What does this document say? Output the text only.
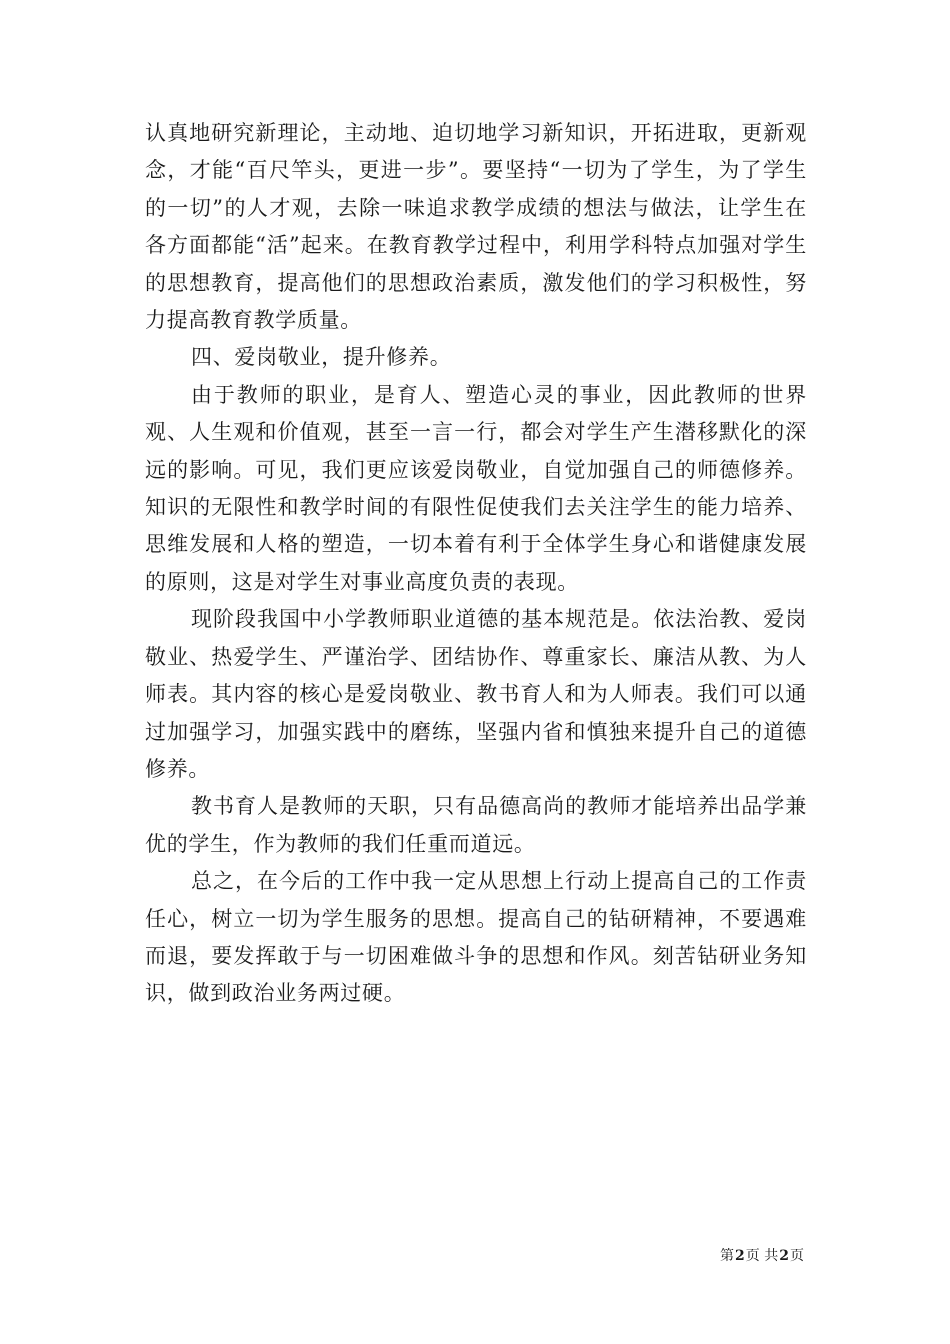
认真地研究新理论，主动地、迫切地学习新知识，开拓进取，更新观念，才能“百尺竿头，更进一步”。要坚持“一切为了学生，为了学生的一切”的人才观，去除一味追求教学成绩的想法与做法，让学生在各方面都能“活”起来。在教育教学过程中，利用学科特点加强对学生的思想教育，提高他们的思想政治素质，激发他们的学习积极性，努力提高教育教学质量。

四、爱岗敬业，提升修养。

由于教师的职业，是育人、塑造心灵的事业，因此教师的世界观、人生观和价值观，甚至一言一行，都会对学生产生潜移默化的深远的影响。可见，我们更应该爱岗敬业，自觉加强自己的师德修养。知识的无限性和教学时间的有限性促使我们去关注学生的能力培养、思维发展和人格的塑造，一切本着有利于全体学生身心和谐健康发展的原则，这是对学生对事业高度负责的表现。

现阶段我国中小学教师职业道德的基本规范是。依法治教、爱岗敬业、热爱学生、严谨治学、团结协作、尊重家长、廉洁从教、为人师表。其内容的核心是爱岗敬业、教书育人和为人师表。我们可以通过加强学习，加强实践中的磨练，坚强内省和慎独来提升自己的道德修养。

教书育人是教师的天职，只有品德高尚的教师才能培养出品学兼优的学生，作为教师的我们任重而道远。

总之，在今后的工作中我一定从思想上行动上提高自己的工作责任心，树立一切为学生服务的思想。提高自己的钻研精神，不要遇难而退，要发挥敢于与一切困难做斗争的思想和作风。刻苦钻研业务知识，做到政治业务两过硬。

第2页 共2页
